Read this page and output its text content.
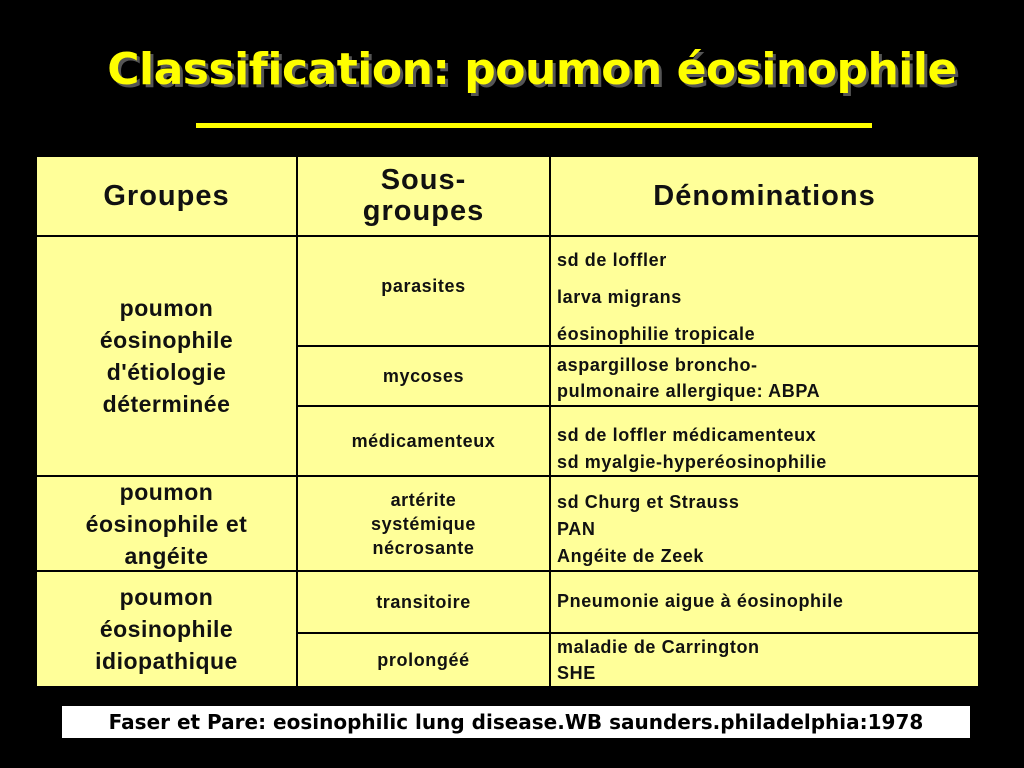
Classification: poumon éosinophile
Groupes	Sous-
groupes	Dénominations
poumon éosinophile d'étiologie déterminée
poumon éosinophile et angéite
poumon éosinophile idiopathique
parasites
mycoses
médicamenteux
artérite
systémique
nécrosante
transitoire
prolongéé
sd de loffler
larva migrans
éosinophilie tropicale
aspargillose broncho-
pulmonaire allergique: ABPA
sd de loffler médicamenteux
sd myalgie-hyperéosinophilie
sd Churg et Strauss
PAN
Angéite de Zeek
Pneumonie aigue à éosinophile
maladie de Carrington
SHE
Faser et Pare: eosinophilic lung disease.WB saunders.philadelphia:1978
